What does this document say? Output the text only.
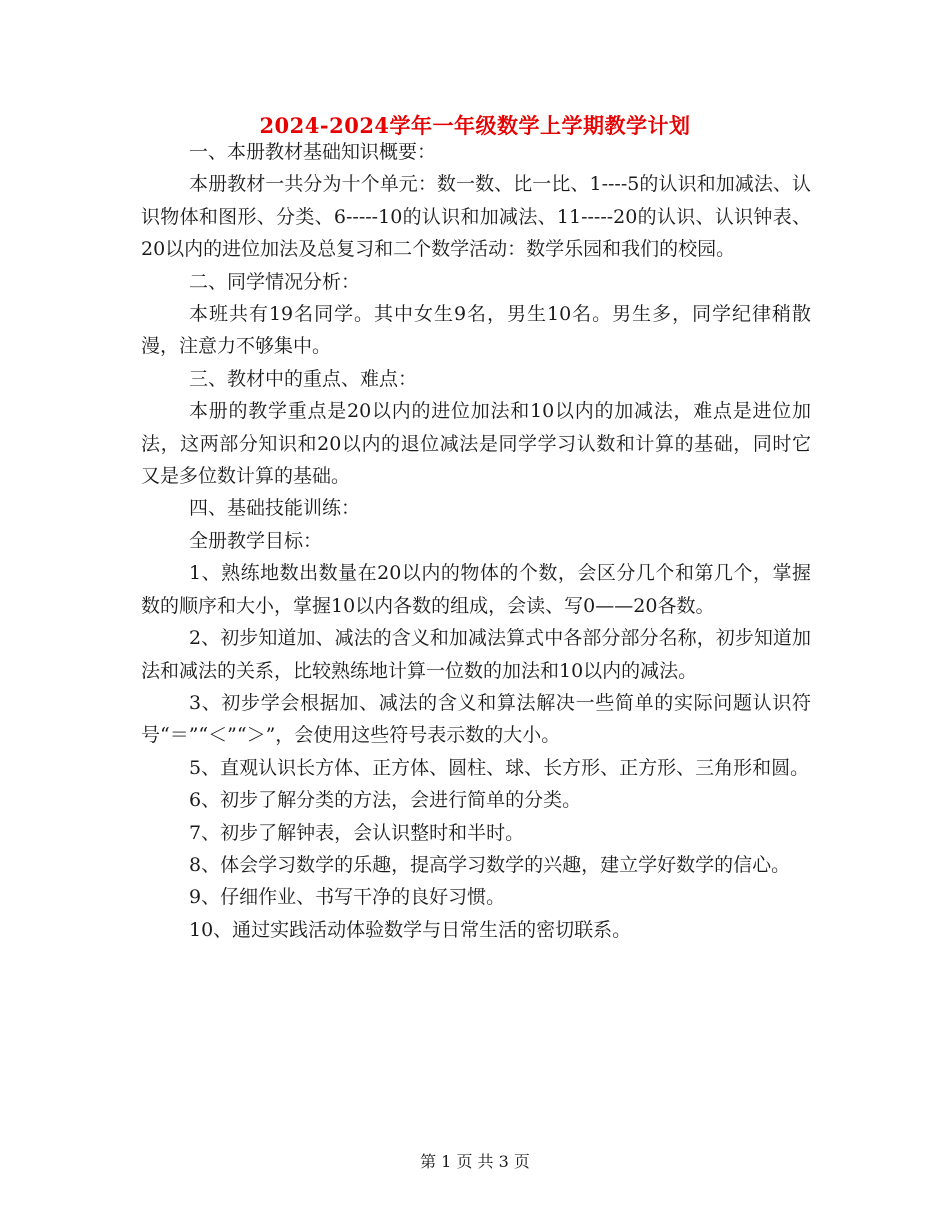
2024-2024学年一年级数学上学期教学计划

一、本册教材基础知识概要：

本册教材一共分为十个单元：数一数、比一比、1----5的认识和加减法、认识物体和图形、分类、6-----10的认识和加减法、11-----20的认识、认识钟表、20以内的进位加法及总复习和二个数学活动：数学乐园和我们的校园。

二、同学情况分析：

本班共有19名同学。其中女生9名，男生10名。男生多，同学纪律稍散漫，注意力不够集中。

三、教材中的重点、难点：

本册的教学重点是20以内的进位加法和10以内的加减法，难点是进位加法，这两部分知识和20以内的退位减法是同学学习认数和计算的基础，同时它又是多位数计算的基础。

四、基础技能训练：

全册教学目标：

1、熟练地数出数量在20以内的物体的个数，会区分几个和第几个，掌握数的顺序和大小，掌握10以内各数的组成，会读、写0——20各数。

2、初步知道加、减法的含义和加减法算式中各部分部分名称，初步知道加法和减法的关系，比较熟练地计算一位数的加法和10以内的减法。

3、初步学会根据加、减法的含义和算法解决一些简单的实际问题认识符号“＝”“＜”“＞”，会使用这些符号表示数的大小。

5、直观认识长方体、正方体、圆柱、球、长方形、正方形、三角形和圆。

6、初步了解分类的方法，会进行简单的分类。

7、初步了解钟表，会认识整时和半时。

8、体会学习数学的乐趣，提高学习数学的兴趣，建立学好数学的信心。

9、仔细作业、书写干净的良好习惯。

10、通过实践活动体验数学与日常生活的密切联系。

第 1 页 共 3 页
